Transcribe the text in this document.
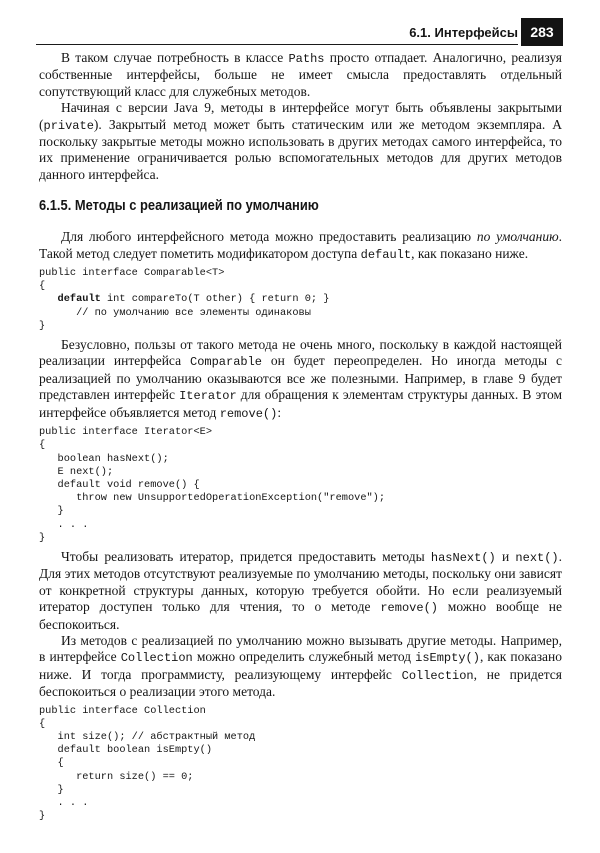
6.1. Интерфейсы 283

В таком случае потребность в классе Paths просто отпадает. Аналогично, реализуя собственные интерфейсы, больше не имеет смысла предоставлять отдельный сопутствующий класс для служебных методов.

Начиная с версии Java 9, методы в интерфейсе могут быть объявлены закрытыми (private). Закрытый метод может быть статическим или же методом экземпляра. А поскольку закрытые методы можно использовать в других методах самого интерфейса, то их применение ограничивается ролью вспомогательных методов для других методов данного интерфейса.

6.1.5. Методы с реализацией по умолчанию

Для любого интерфейсного метода можно предоставить реализацию по умолчанию. Такой метод следует пометить модификатором доступа default, как показано ниже.

public interface Comparable<T>
{
default int compareTo(T other) { return 0; }
// по умолчанию все элементы одинаковы
}

Безусловно, пользы от такого метода не очень много, поскольку в каждой настоящей реализации интерфейса Comparable он будет переопределен. Но иногда методы с реализацией по умолчанию оказываются все же полезными. Например, в главе 9 будет представлен интерфейс Iterator для обращения к элементам структуры данных. В этом интерфейсе объявляется метод remove():

public interface Iterator<E>
{
boolean hasNext();
E next();
default void remove() {
throw new UnsupportedOperationException("remove");
}
. . .
}

Чтобы реализовать итератор, придется предоставить методы hasNext() и next(). Для этих методов отсутствуют реализуемые по умолчанию методы, поскольку они зависят от конкретной структуры данных, которую требуется обойти. Но если реализуемый итератор доступен только для чтения, то о методе remove() можно вообще не беспокоиться.

Из методов с реализацией по умолчанию можно вызывать другие методы. Например, в интерфейсе Collection можно определить служебный метод isEmpty(), как показано ниже. И тогда программисту, реализующему интерфейс Collection, не придется беспокоиться о реализации этого метода.

public interface Collection
{
int size(); // абстрактный метод
default boolean isEmpty()
{
return size() == 0;
}
. . .
}
